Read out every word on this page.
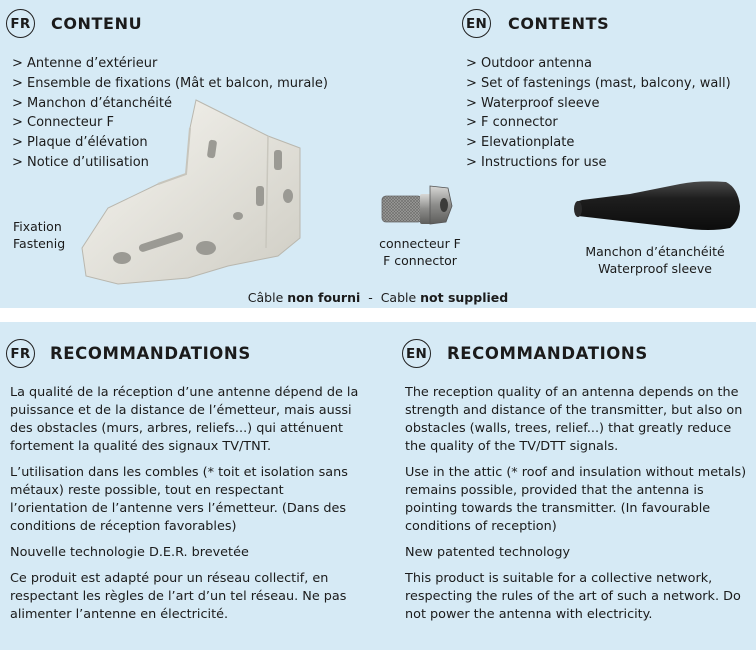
FR CONTENU	EN CONTENTS
> Antenne d’extérieur
> Ensemble de fixations (Mât et balcon, murale)
> Manchon d’étanchéité
> Connecteur F
> Plaque d’élévation
> Notice d’utilisation
> Outdoor antenna
> Set of fastenings (mast, balcony, wall)
> Waterproof sleeve
> F connector
> Elevationplate
> Instructions for use
Fixation
Fastenig	connecteur F
F connector
Manchon d’étanchéité
Waterproof sleeve
Câble non fourni  -  Cable not supplied
FR RECOMMANDATIONS	EN RECOMMANDATIONS

La qualité de la réception d’une antenne dépend de la puissance et de la distance de l’émetteur, mais aussi des obstacles (murs, arbres, reliefs...) qui atténuent fortement la qualité des signaux TV/TNT.

L’utilisation dans les combles (* toit et isolation sans métaux) reste possible, tout en respectant l’orientation de l’antenne vers l’émetteur. (Dans des conditions de réception favorables)

Nouvelle technologie D.E.R. brevetée

Ce produit est adapté pour un réseau collectif, en respectant les règles de l’art d’un tel réseau. Ne pas alimenter l’antenne en électricité.

The reception quality of an antenna depends on the strength and distance of the transmitter, but also on obstacles (walls, trees, relief...) that greatly reduce the quality of the TV/DTT signals.

Use in the attic (* roof and insulation without metals) remains possible, provided that the antenna is pointing towards the transmitter. (In favourable conditions of reception)

New patented technology

This product is suitable for a collective network, respecting the rules of the art of such a network. Do not power the antenna with electricity.
